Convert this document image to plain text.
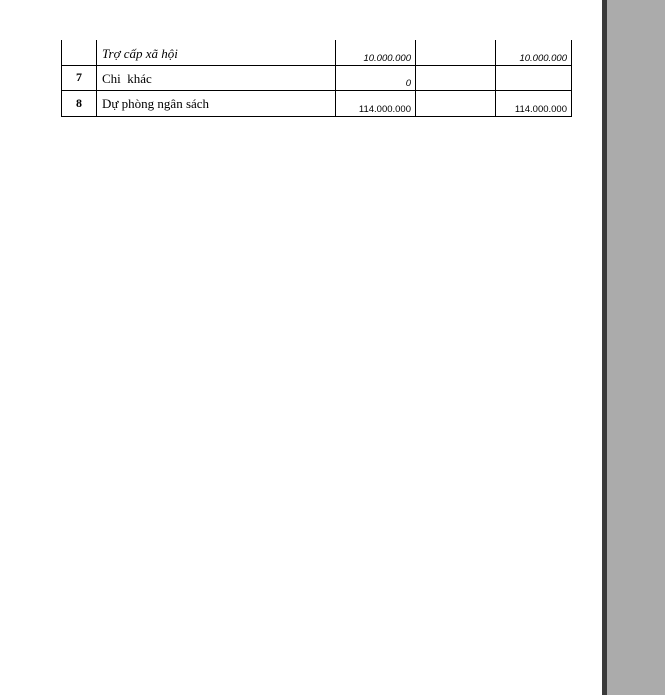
	Trợ cấp xã hội	10.000.000		10.000.000

7	Chi  khác	0		

8	Dự phòng ngân sách	114.000.000		114.000.000
